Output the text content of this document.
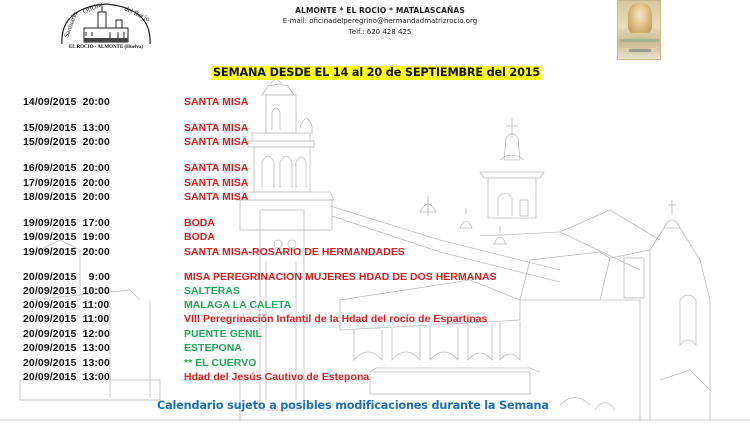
Santuario
Oficina	del Rocío
EL ROCIO - ALMONTE (Huelva)
ALMONTE * EL ROCIO * MATALASCAÑAS
E-mail: oficinadelperegrino@hermandadmatrizrocio.org
Telf.: 620 428 425
SEMANA DESDE EL 14 al 20 de SEPTIEMBRE del 2015
14/09/2015  20:00	SANTA MISA
15/09/2015  13:00	SANTA MISA
15/09/2015  20:00	SANTA MISA
16/09/2015  20:00	SANTA MISA
17/09/2015  20:00	SANTA MISA
18/09/2015  20:00	SANTA MISA
19/09/2015  17:00	BODA
19/09/2015  19:00	BODA
19/09/2015  20:00	SANTA MISA-ROSARIO DE HERMANDADES
20/09/2015    9:00	MISA PEREGRINACION MUJERES HDAD DE DOS HERMANAS
20/09/2015  10:00	SALTERAS
20/09/2015  11:00	MALAGA LA CALETA
20/09/2015  11:00	VIII Peregrinación Infantil de la Hdad del rocío de Espartinas
20/09/2015  12:00	PUENTE GENIL
20/09/2015  13:00	ESTEPONA
20/09/2015  13:00	** EL CUERVO
20/09/2015  13:00	Hdad del Jesús Cautivo de Estepona
Calendario sujeto a posibles modificaciones durante la Semana
